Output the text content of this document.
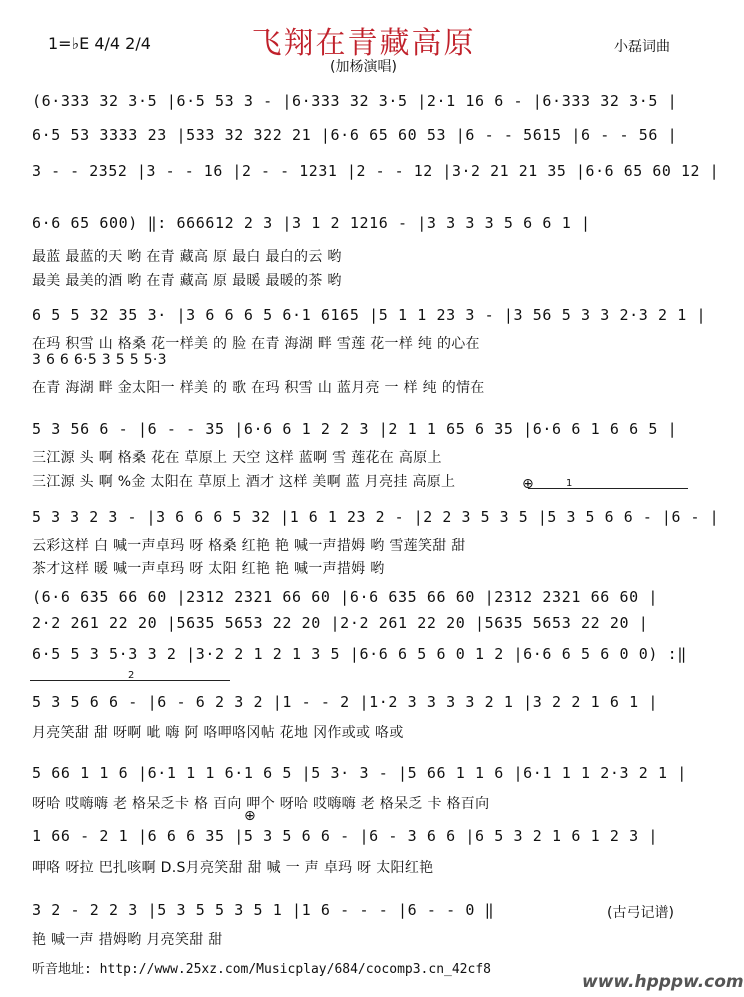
飞翔在青藏高原
(加杨演唱)
1=♭E 4/4 2/4	小磊词曲
(6·333 32 3·5 |6·5 53 3 - |6·333 32 3·5 |2·1 16 6 - |6·333 32 3·5 |
6·5 53 3333 23 |533 32 322 21 |6·6 65 60 53 |6 - - 5615 |6 - - 56 |
3 - - 2352 |3 - - 16 |2 - - 1231 |2 - - 12 |3·2 21 21 35 |6·6 65 60 12 |
6·6 65 600) ‖: 666612 2 3 |3 1 2 1216 - |3 3 3 3 5 6 6 1 |
最蓝 最蓝的天 哟 在青 藏高 原 最白 最白的云 哟
最美 最美的酒 哟 在青 藏高 原 最暖 最暖的茶 哟
6 5 5 32 35 3· |3 6 6 6 5 6·1 6165 |5 1 1 23 3 - |3 56 5 3 3 2·3 2 1 |
在玛 积雪 山 格桑 花一样美 的 脸 在青 海湖 畔 雪莲 花一样 纯 的心在
3 6 6 6·5 3 5 5 5·3
在青 海湖 畔 金太阳一 样美 的 歌 在玛 积雪 山 蓝月亮 一 样 纯 的情在
5 3 56 6 - |6 - - 35 |6·6 6 1 2 2 3 |2 1 1 65 6 35 |6·6 6 1 6 6 5 |
三江源 头 啊 格桑 花在 草原上 天空 这样 蓝啊 雪 莲花在 高原上
三江源 头 啊 %金 太阳在 草原上 酒才 这样 美啊 蓝 月亮挂 高原上
5 3 3 2 3 - |3 6 6 6 5 32 |1 6 1 23 2 - |2 2 3 5 3 5 |5 3 5 6 6 - |6 - |
云彩这样 白 喊一声卓玛 呀 格桑 红艳 艳 喊一声措姆 哟 雪莲笑甜 甜
茶才这样 暖 喊一声卓玛 呀 太阳 红艳 艳 喊一声措姆 哟
(6·6 635 66 60 |2312 2321 66 60 |6·6 635 66 60 |2312 2321 66 60 |
2·2 261 22 20 |5635 5653 22 20 |2·2 261 22 20 |5635 5653 22 20 |
6·5 5 3 5·3 3 2 |3·2 2 1 2 1 3 5 |6·6 6 5 6 0 1 2 |6·6 6 5 6 0 0) :‖
5 3 5 6 6 - |6 - 6 2 3 2 |1 - - 2 |1·2 3 3 3 3 2 1 |3 2 2 1 6 1 |
月亮笑甜 甜 呀啊 呲 嗨 阿 咯呷咯冈帖 花地 冈作或或 咯或
5 66 1 1 6 |6·1 1 1 6·1 6 5 |5 3· 3 - |5 66 1 1 6 |6·1 1 1 2·3 2 1 |
呀哈 哎嗨嗨 老 格呆乏卡 格 百向 呷个 呀哈 哎嗨嗨 老 格呆乏 卡 格百向
1 66 - 2 1 |6 6 6 35 |5 3 5 6 6 - |6 - 3 6 6 |6 5 3 2 1 6 1 2 3 |
呷咯 呀拉 巴扎咳啊 D.S月亮笑甜 甜 喊 一 声 卓玛 呀 太阳红艳
3 2 - 2 2 3 |5 3 5 5 3 5 1 |1 6 - - - |6 - - 0 ‖
艳 喊一声 措姆哟 月亮笑甜 甜
1
2
⊕
⊕
(古弓记谱)
听音地址: http://www.25xz.com/Musicplay/684/cocomp3.cn_42cf8
www.hpppw.com
